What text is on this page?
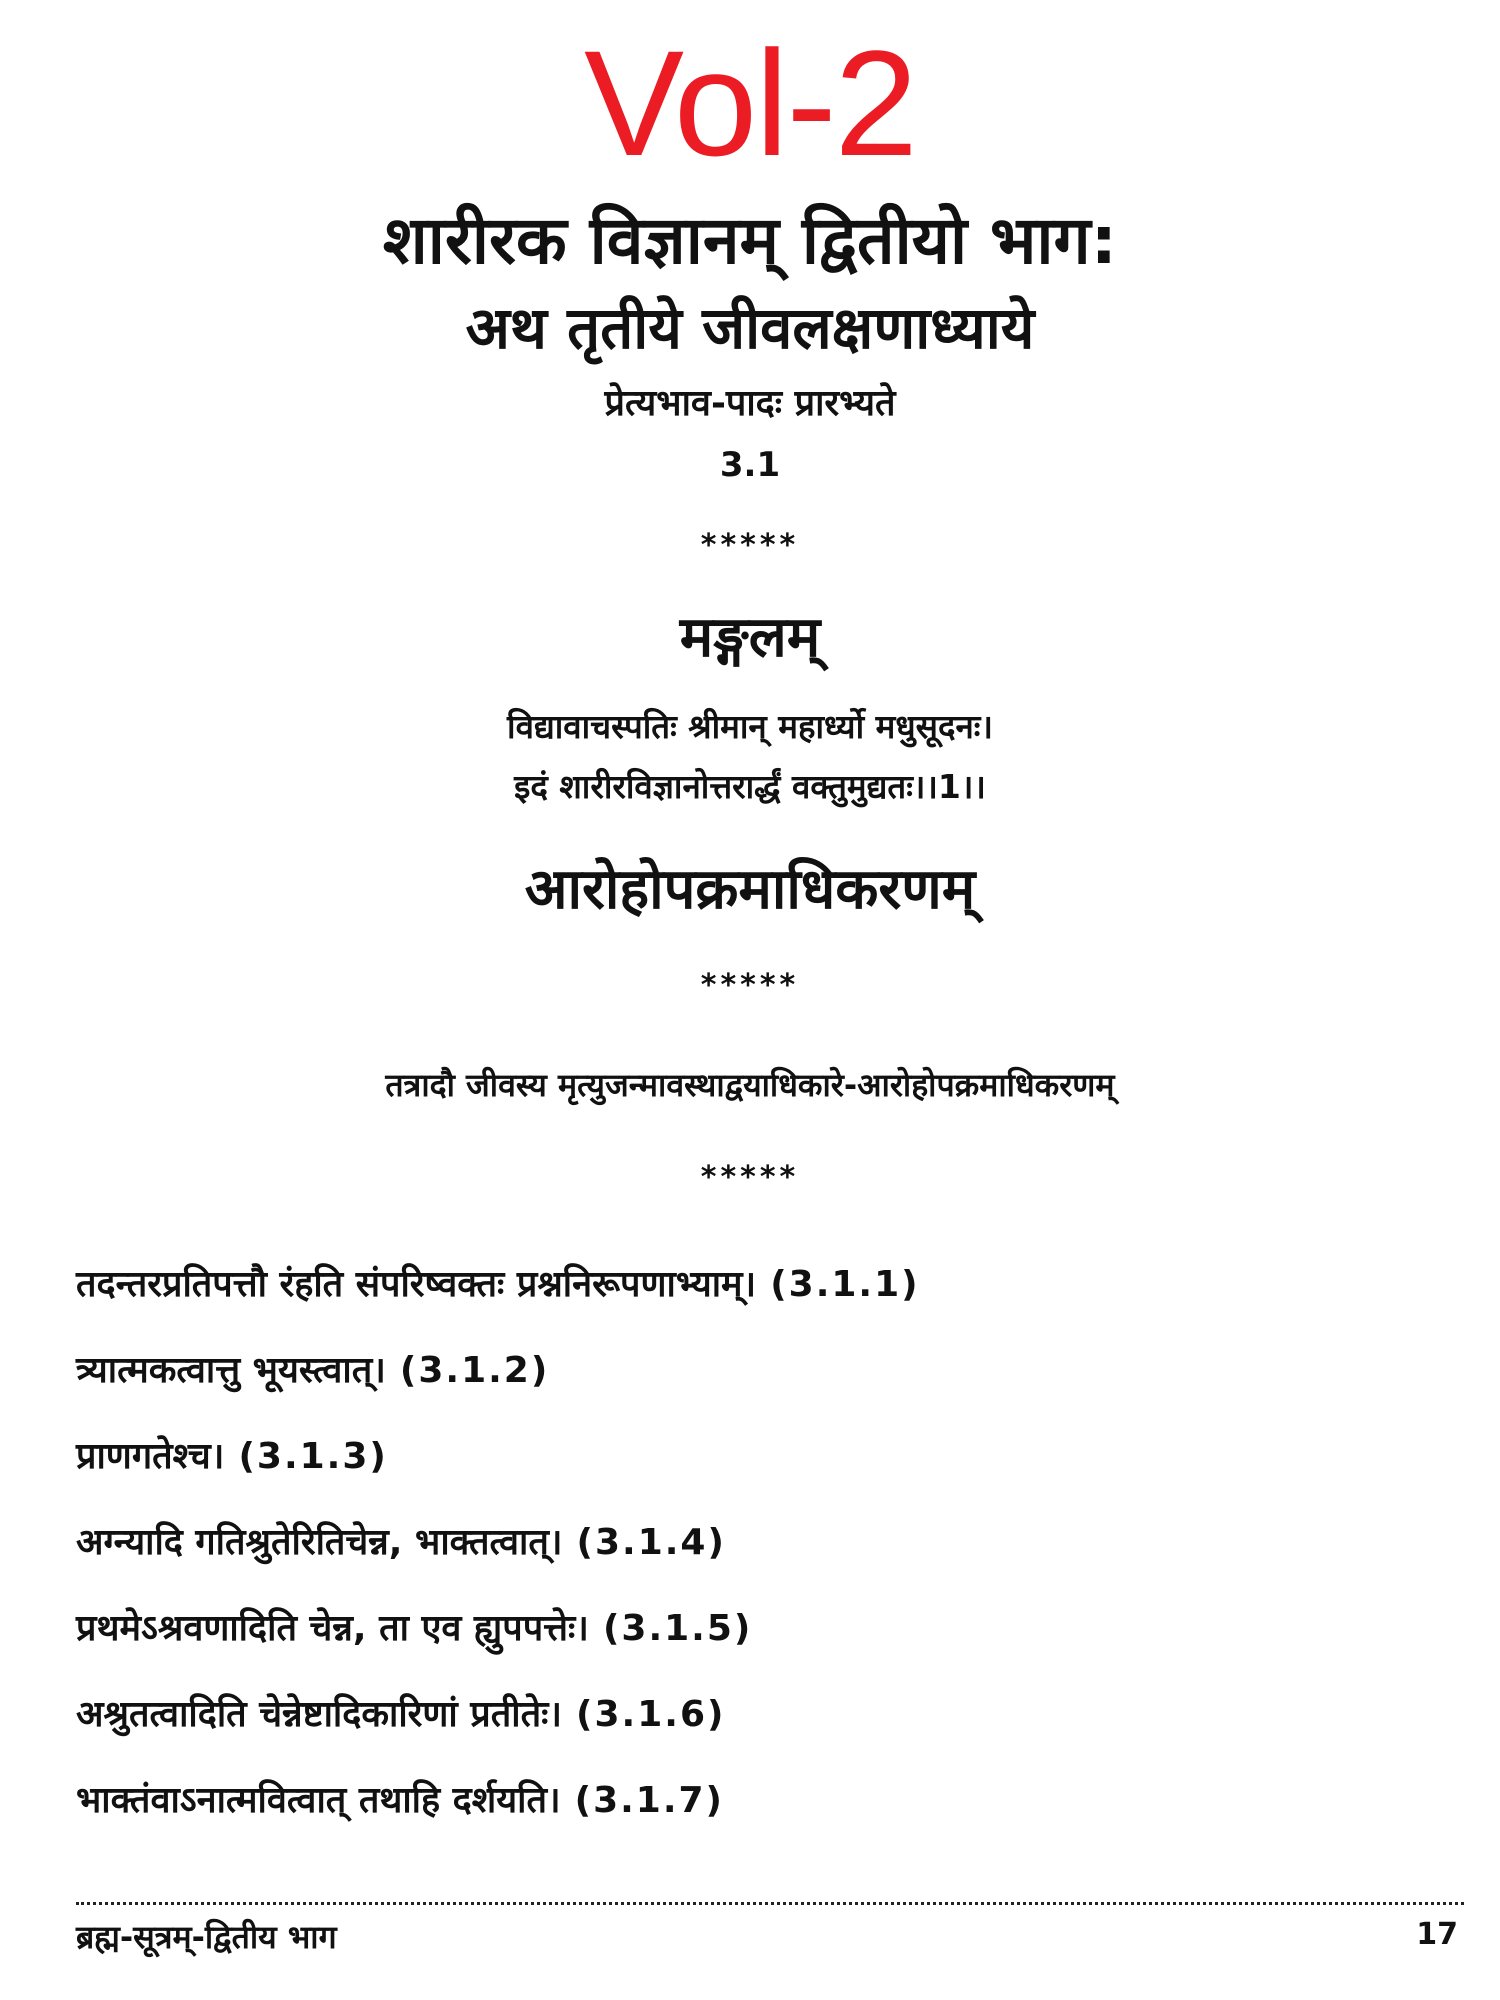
Vol-2
शारीरक विज्ञानम् द्वितीयो भाग:
अथ तृतीये जीवलक्षणाध्याये
प्रेत्यभाव-पादः प्रारभ्यते
3.1
*****
मङ्गलम्
विद्यावाचस्पतिः श्रीमान् महार्ध्यो मधुसूदनः।
इदं शारीरविज्ञानोत्तरार्द्धं वक्तुमुद्यतः।।1।।
आरोहोपक्रमाधिकरणम्
*****
तत्रादौ जीवस्य मृत्युजन्मावस्थाद्वयाधिकारे-आरोहोपक्रमाधिकरणम्
*****
तदन्तरप्रतिपत्तौ रंहति संपरिष्वक्तः प्रश्ननिरूपणाभ्याम्। (3.1.1)
त्र्यात्मकत्वात्तु भूयस्त्वात्। (3.1.2)
प्राणगतेश्च। (3.1.3)
अग्न्यादि गतिश्रुतेरितिचेन्न, भाक्तत्वात्। (3.1.4)
प्रथमेऽश्रवणादिति चेन्न, ता एव ह्युपपत्तेः। (3.1.5)
अश्रुतत्वादिति चेन्नेष्टादिकारिणां प्रतीतेः। (3.1.6)
भाक्तंवाऽनात्मवित्वात् तथाहि दर्शयति। (3.1.7)
ब्रह्म-सूत्रम्-द्वितीय भाग	17
